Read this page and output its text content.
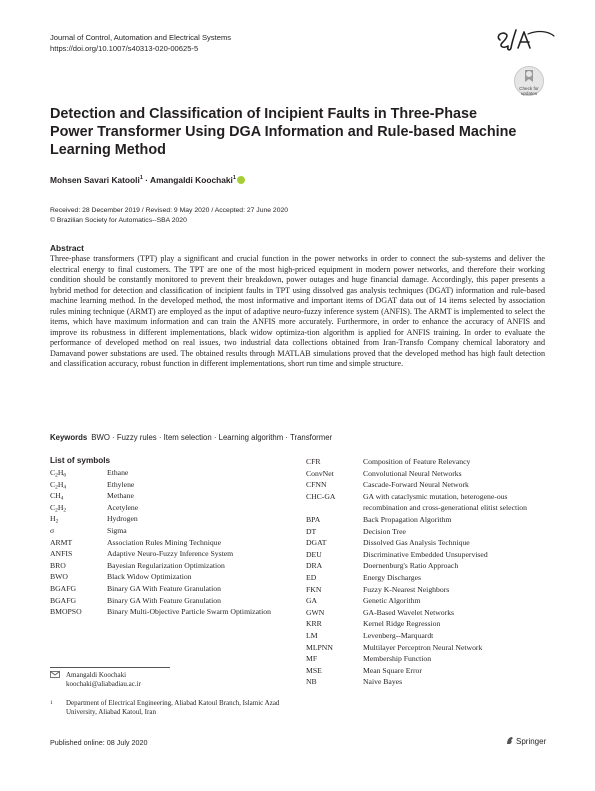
Journal of Control, Automation and Electrical Systems
https://doi.org/10.1007/s40313-020-00625-5
Check for
updates
Detection and Classification of Incipient Faults in Three-Phase Power Transformer Using DGA Information and Rule-based Machine Learning Method
Mohsen Savari Katooli$^1$ · Amangaldi Koochaki$^1$
Received: 28 December 2019 / Revised: 9 May 2020 / Accepted: 27 June 2020
© Brazilian Society for Automatics--SBA 2020
Abstract
Three-phase transformers (TPT) play a significant and crucial function in the power networks in order to connect the sub-systems and deliver the electrical energy to final customers. The TPT are one of the most high-priced equipment in modern power networks, and therefore their working condition should be constantly monitored to prevent their breakdown, power outages and huge financial damage. Accordingly, this paper presents a hybrid method for detection and classification of incipient faults in TPT using dissolved gas analysis techniques (DGAT) information and rule-based machine learning method. In the developed method, the most informative and important items of DGAT data out of 14 items selected by association rules mining technique (ARMT) are employed as the input of adaptive neuro-fuzzy inference system (ANFIS). The ARMT is implemented to select the items, which have maximum information and can train the ANFIS more accurately. Furthermore, in order to enhance the accuracy of ANFIS and improve its robustness in different implementations, black widow optimiza-tion algorithm is applied for ANFIS training. In order to evaluate the performance of developed method on real issues, two industrial data collections obtained from Iran-Transfo Company chemical laboratory and Damavand power substations are used. The obtained results through MATLAB simulations proved that the developed method has high fault detection and classification accuracy, robust function in different implementations, short run time and simple structure.
Keywords BWO · Fuzzy rules · Item selection · Learning algorithm · Transformer
List of symbols
$C_2H_6$	Ethane
$C_2H_4$	Ethylene
$CH_4$	Methane
$C_2H_2$	Acetylene
$H_2$	Hydrogen
σ	Sigma
ARMT	Association Rules Mining Technique
ANFIS	Adaptive Neuro-Fuzzy Inference System
BRO	Bayesian Regularization Optimization
BWO	Black Widow Optimization
BGAFG	Binary GA With Feature Granulation
BGAFG	Binary GA With Feature Granulation
BMOPSO	Binary Multi-Objective Particle Swarm Optimization
CFR	Composition of Feature Relevancy
ConvNet	Convolutional Neural Networks
CFNN	Cascade-Forward Neural Network
CHC-GA	GA with cataclysmic mutation, heterogene-ous recombination and cross-generational elitist selection
BPA	Back Propagation Algorithm
DT	Decision Tree
DGAT	Dissolved Gas Analysis Technique
DEU	Discriminative Embedded Unsupervised
DRA	Doernenburg's Ratio Approach
ED	Energy Discharges
FKN	Fuzzy K-Nearest Neighbors
GA	Genetic Algorithm
GWN	GA-Based Wavelet Networks
KRR	Kernel Ridge Regression
LM	Levenberg--Marquardt
MLPNN	Multilayer Perceptron Neural Network
MF	Membership Function
MSE	Mean Square Error
NB	Naive Bayes
Amangaldi Koochaki
koochaki@aliabadiau.ac.ir
1	Department of Electrical Engineering, Aliabad Katoul Branch, Islamic Azad University, Aliabad Katoul, Iran
Published online: 08 July 2020	Springer
